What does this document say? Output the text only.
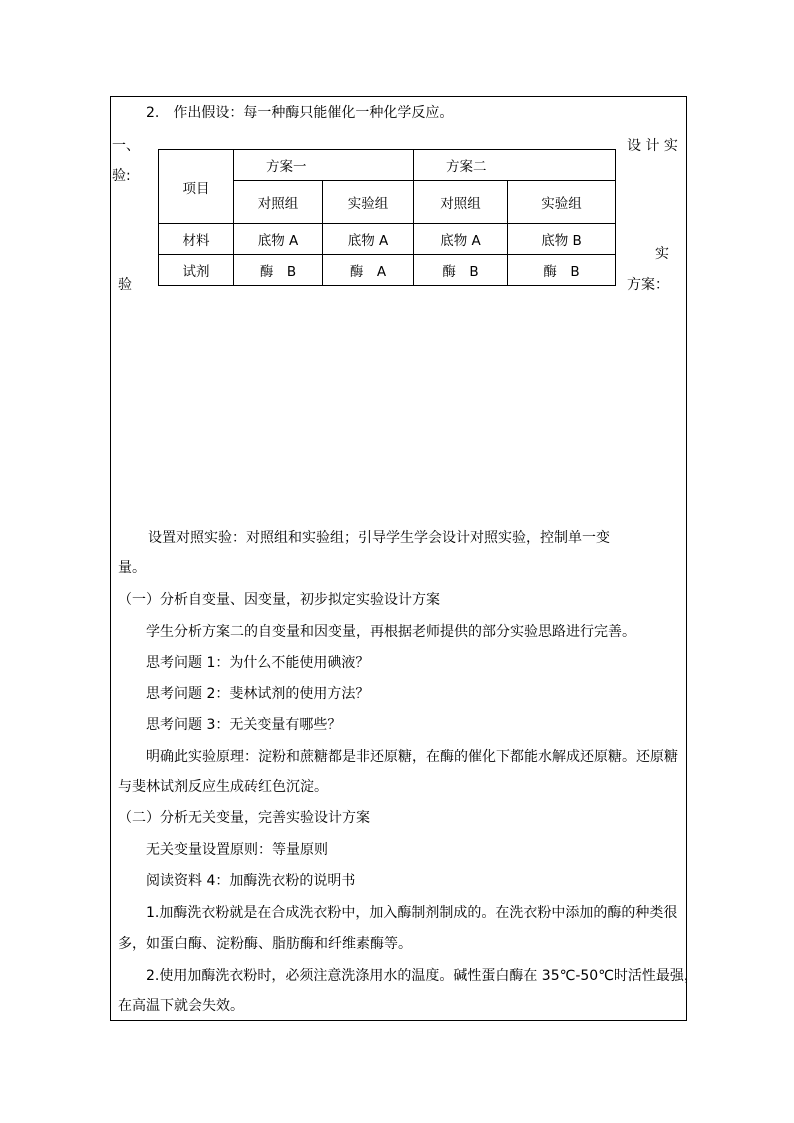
2.　作出假设：每一种酶只能催化一种化学反应。
一、
验:
验
设 计 实
实
方案：
项目	方案一		方案二	
	对照组	实验组	对照组	实验组
材料	底物 A	底物 A	底物 A	底物 B
试剂	酶　B	酶　A	酶　B	酶　B
设置对照实验：对照组和实验组；引导学生学会设计对照实验，控制单一变
量。
（一）分析自变量、因变量，初步拟定实验设计方案
学生分析方案二的自变量和因变量，再根据老师提供的部分实验思路进行完善。
思考问题 1：为什么不能使用碘液？
思考问题 2：斐林试剂的使用方法？
思考问题 3：无关变量有哪些？
明确此实验原理：淀粉和蔗糖都是非还原糖，在酶的催化下都能水解成还原糖。还原糖
与斐林试剂反应生成砖红色沉淀。
（二）分析无关变量，完善实验设计方案
无关变量设置原则：等量原则
阅读资料 4：加酶洗衣粉的说明书
1.加酶洗衣粉就是在合成洗衣粉中，加入酶制剂制成的。在洗衣粉中添加的酶的种类很
多，如蛋白酶、淀粉酶、脂肪酶和纤维素酶等。
2.使用加酶洗衣粉时，必须注意洗涤用水的温度。碱性蛋白酶在 35℃-50℃时活性最强，
在高温下就会失效。
